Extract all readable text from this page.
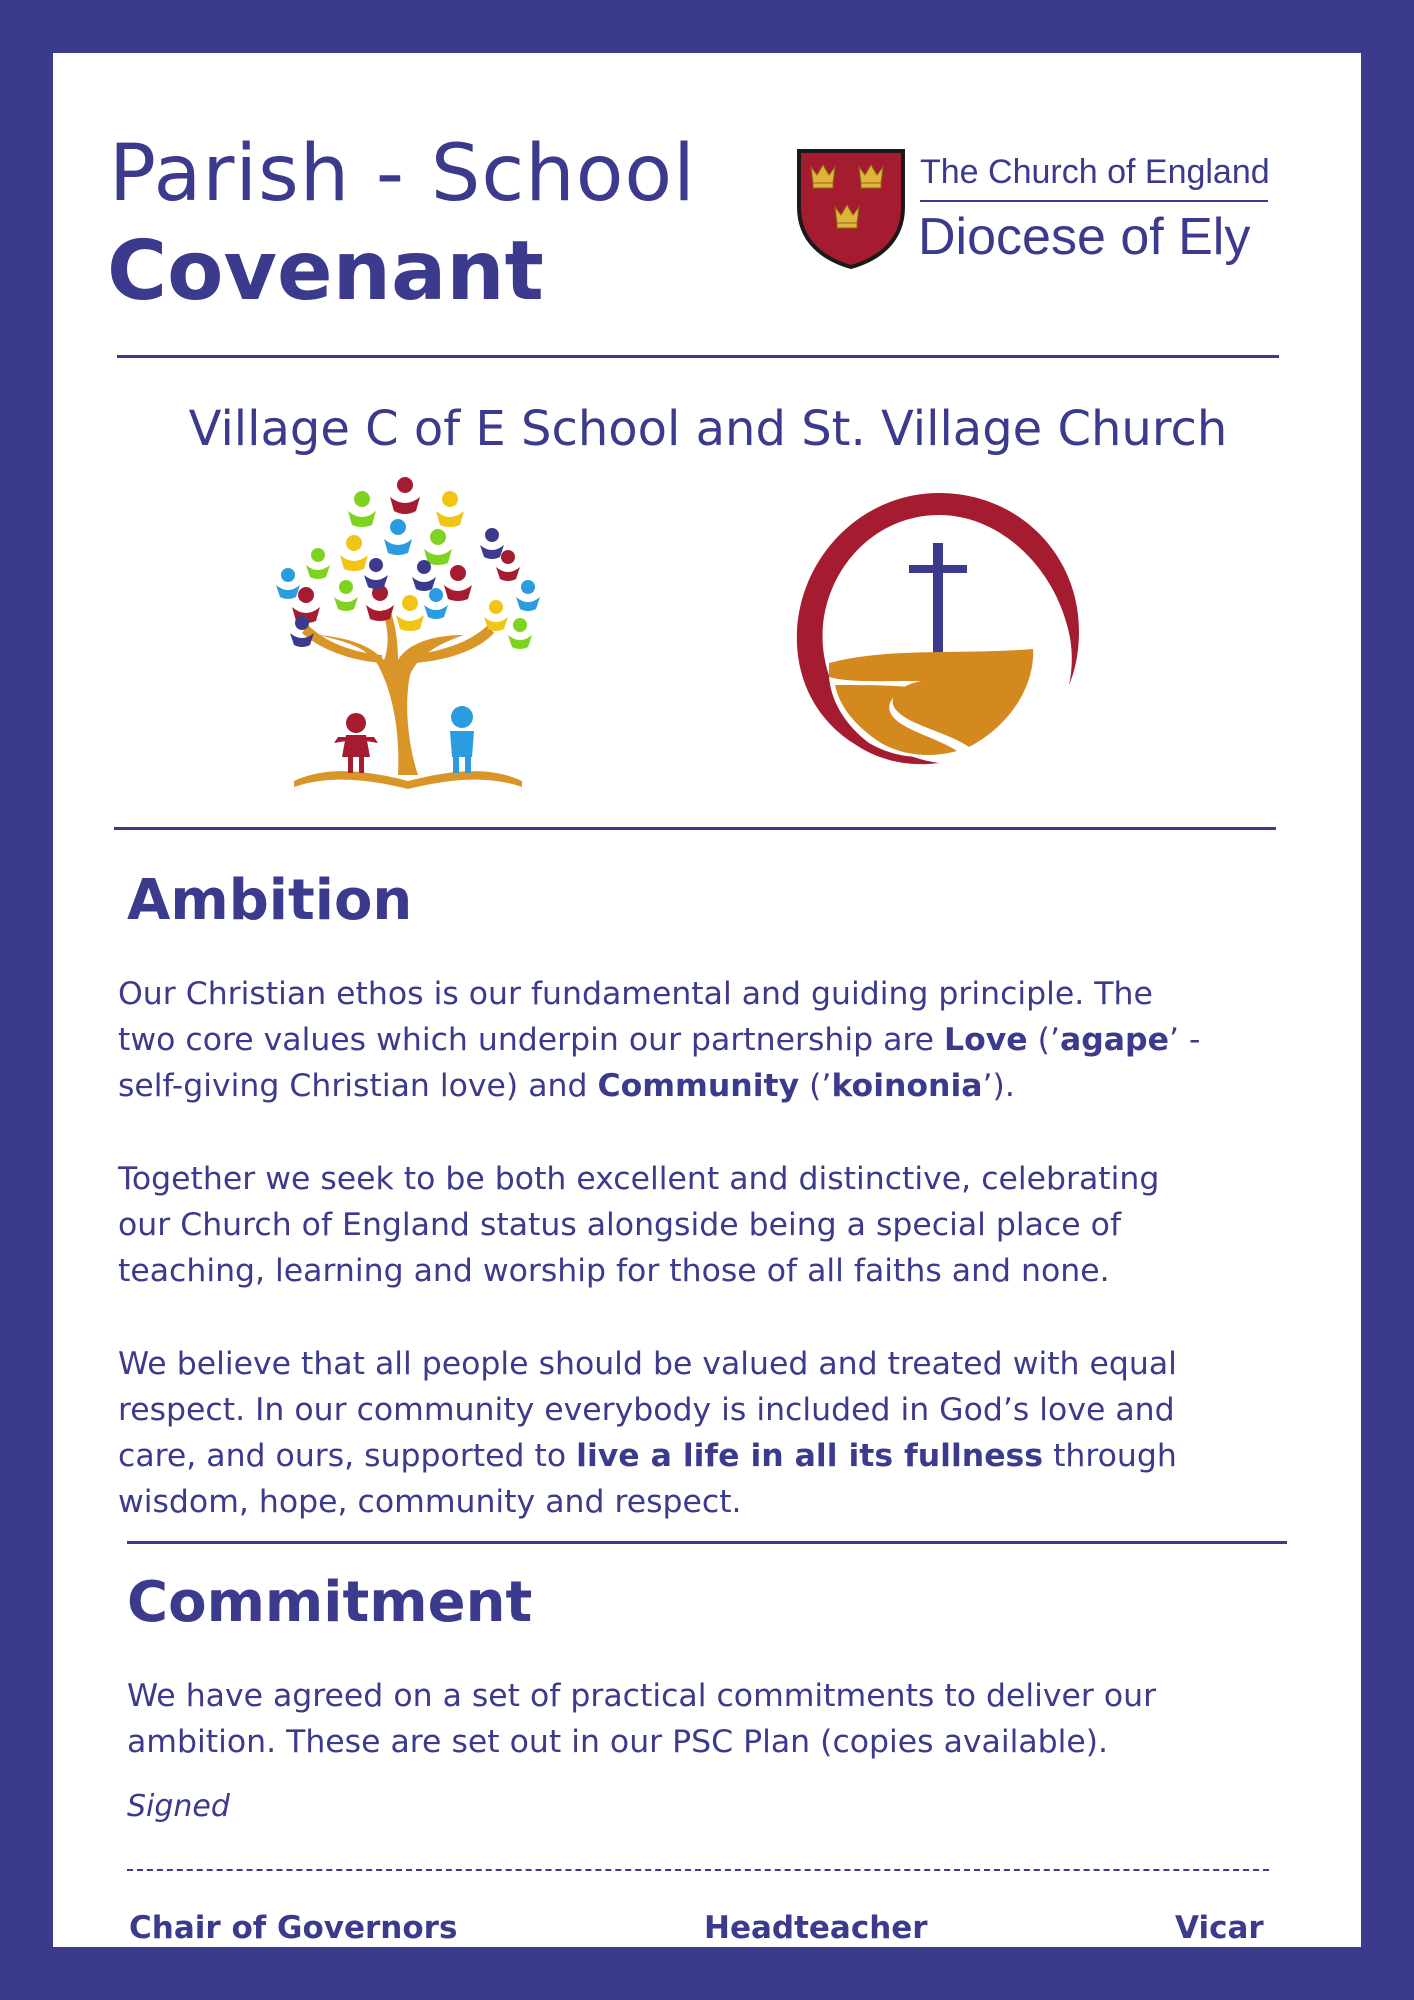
Parish - School
Covenant
The Church of England
Diocese of Ely
Village C of E School and St. Village Church
Ambition
Our Christian ethos is our fundamental and guiding principle. The
two core values which underpin our partnership are Love (’agape’ -
self-giving Christian love) and Community (’koinonia’).
Together we seek to be both excellent and distinctive, celebrating
our Church of England status alongside being a special place of
teaching, learning and worship for those of all faiths and none.
We believe that all people should be valued and treated with equal
respect. In our community everybody is included in God’s love and
care, and ours, supported to live a life in all its fullness through
wisdom, hope, community and respect.
Commitment
We have agreed on a set of practical commitments to deliver our
ambition. These are set out in our PSC Plan (copies available).
Signed
Chair of Governors	Headteacher	Vicar
